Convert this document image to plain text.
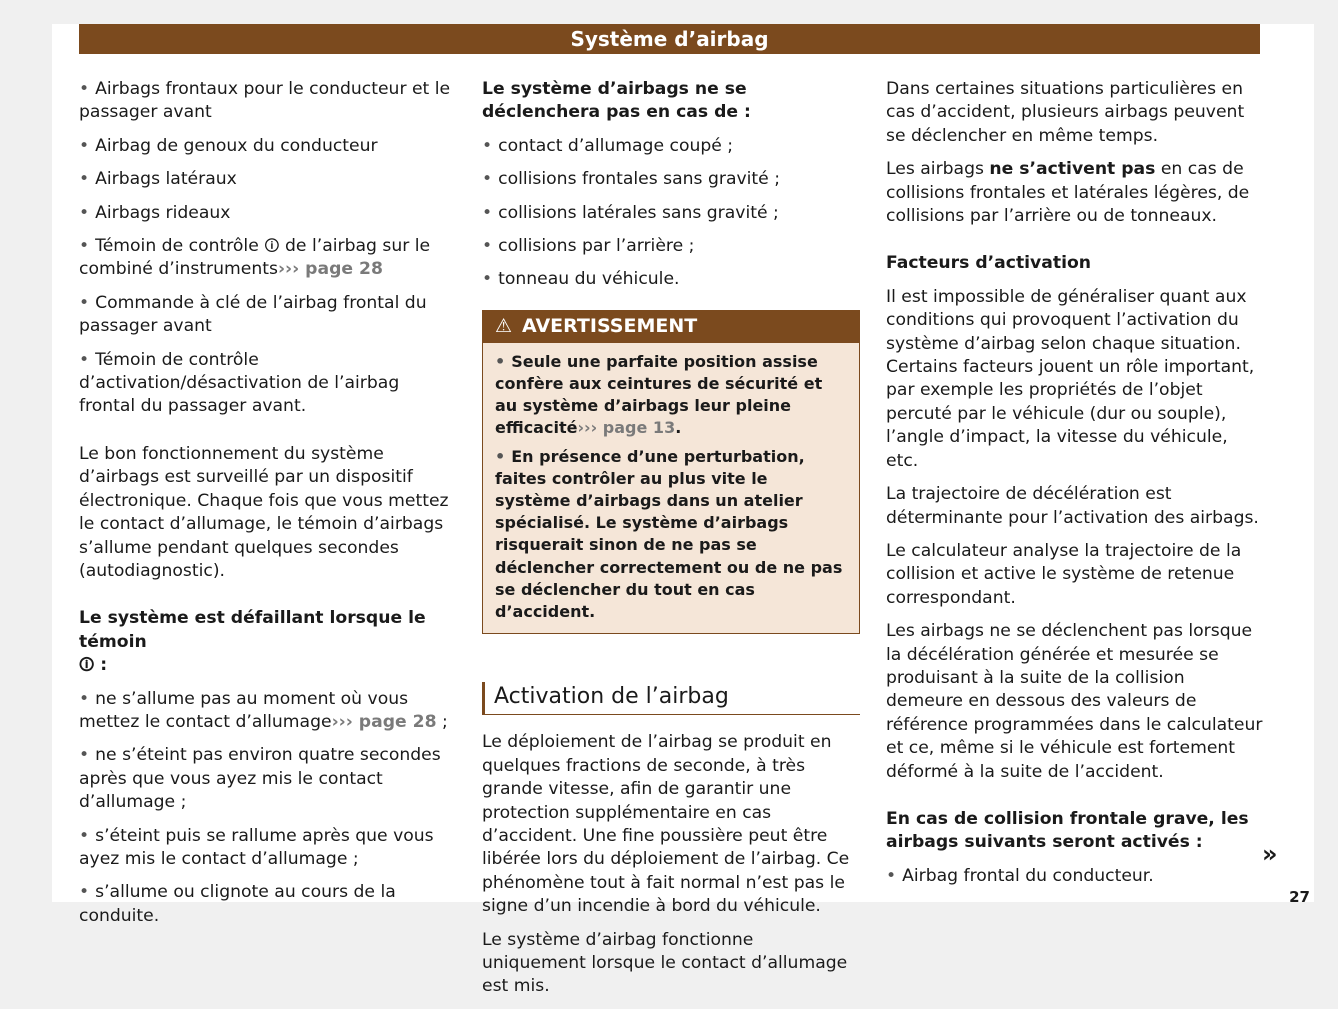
Système d’airbag

• Airbags frontaux pour le conducteur et le passager avant

• Airbag de genoux du conducteur

• Airbags latéraux

• Airbags rideaux

• Témoin de contrôle 🛈 de l’airbag sur le combiné d’instruments››› page 28

• Commande à clé de l’airbag frontal du passager avant

• Témoin de contrôle d’activation/désactivation de l’airbag frontal du passager avant.

Le bon fonctionnement du système d’airbags est surveillé par un dispositif électronique. Chaque fois que vous mettez le contact d’allumage, le témoin d’airbags s’allume pendant quelques secondes (autodiagnostic).

Le système est défaillant lorsque le témoin
🛈 :

• ne s’allume pas au moment où vous mettez le contact d’allumage››› page 28 ;

• ne s’éteint pas environ quatre secondes après que vous ayez mis le contact d’allumage ;

• s’éteint puis se rallume après que vous ayez mis le contact d’allumage ;

• s’allume ou clignote au cours de la conduite.

Le système d’airbags ne se déclenchera pas en cas de :

• contact d’allumage coupé ;

• collisions frontales sans gravité ;

• collisions latérales sans gravité ;

• collisions par l’arrière ;

• tonneau du véhicule.

⚠ AVERTISSEMENT

• Seule une parfaite position assise confère aux ceintures de sécurité et au système d’airbags leur pleine efficacité››› page 13.

• En présence d’une perturbation, faites contrôler au plus vite le système d’airbags dans un atelier spécialisé. Le système d’airbags risquerait sinon de ne pas se déclencher correctement ou de ne pas se déclencher du tout en cas d’accident.

Activation de l’airbag

Le déploiement de l’airbag se produit en quelques fractions de seconde, à très grande vitesse, afin de garantir une protection supplémentaire en cas d’accident. Une fine poussière peut être libérée lors du déploiement de l’airbag. Ce phénomène tout à fait normal n’est pas le signe d’un incendie à bord du véhicule.

Le système d’airbag fonctionne uniquement lorsque le contact d’allumage est mis.

Dans certaines situations particulières en cas d’accident, plusieurs airbags peuvent se déclencher en même temps.

Les airbags ne s’activent pas en cas de collisions frontales et latérales légères, de collisions par l’arrière ou de tonneaux.

Facteurs d’activation

Il est impossible de généraliser quant aux conditions qui provoquent l’activation du système d’airbag selon chaque situation. Certains facteurs jouent un rôle important, par exemple les propriétés de l’objet percuté par le véhicule (dur ou souple), l’angle d’impact, la vitesse du véhicule, etc.

La trajectoire de décélération est déterminante pour l’activation des airbags.

Le calculateur analyse la trajectoire de la collision et active le système de retenue correspondant.

Les airbags ne se déclenchent pas lorsque la décélération générée et mesurée se produisant à la suite de la collision demeure en dessous des valeurs de référence programmées dans le calculateur et ce, même si le véhicule est fortement déformé à la suite de l’accident.

En cas de collision frontale grave, les airbags suivants seront activés :

• Airbag frontal du conducteur.

»
27
